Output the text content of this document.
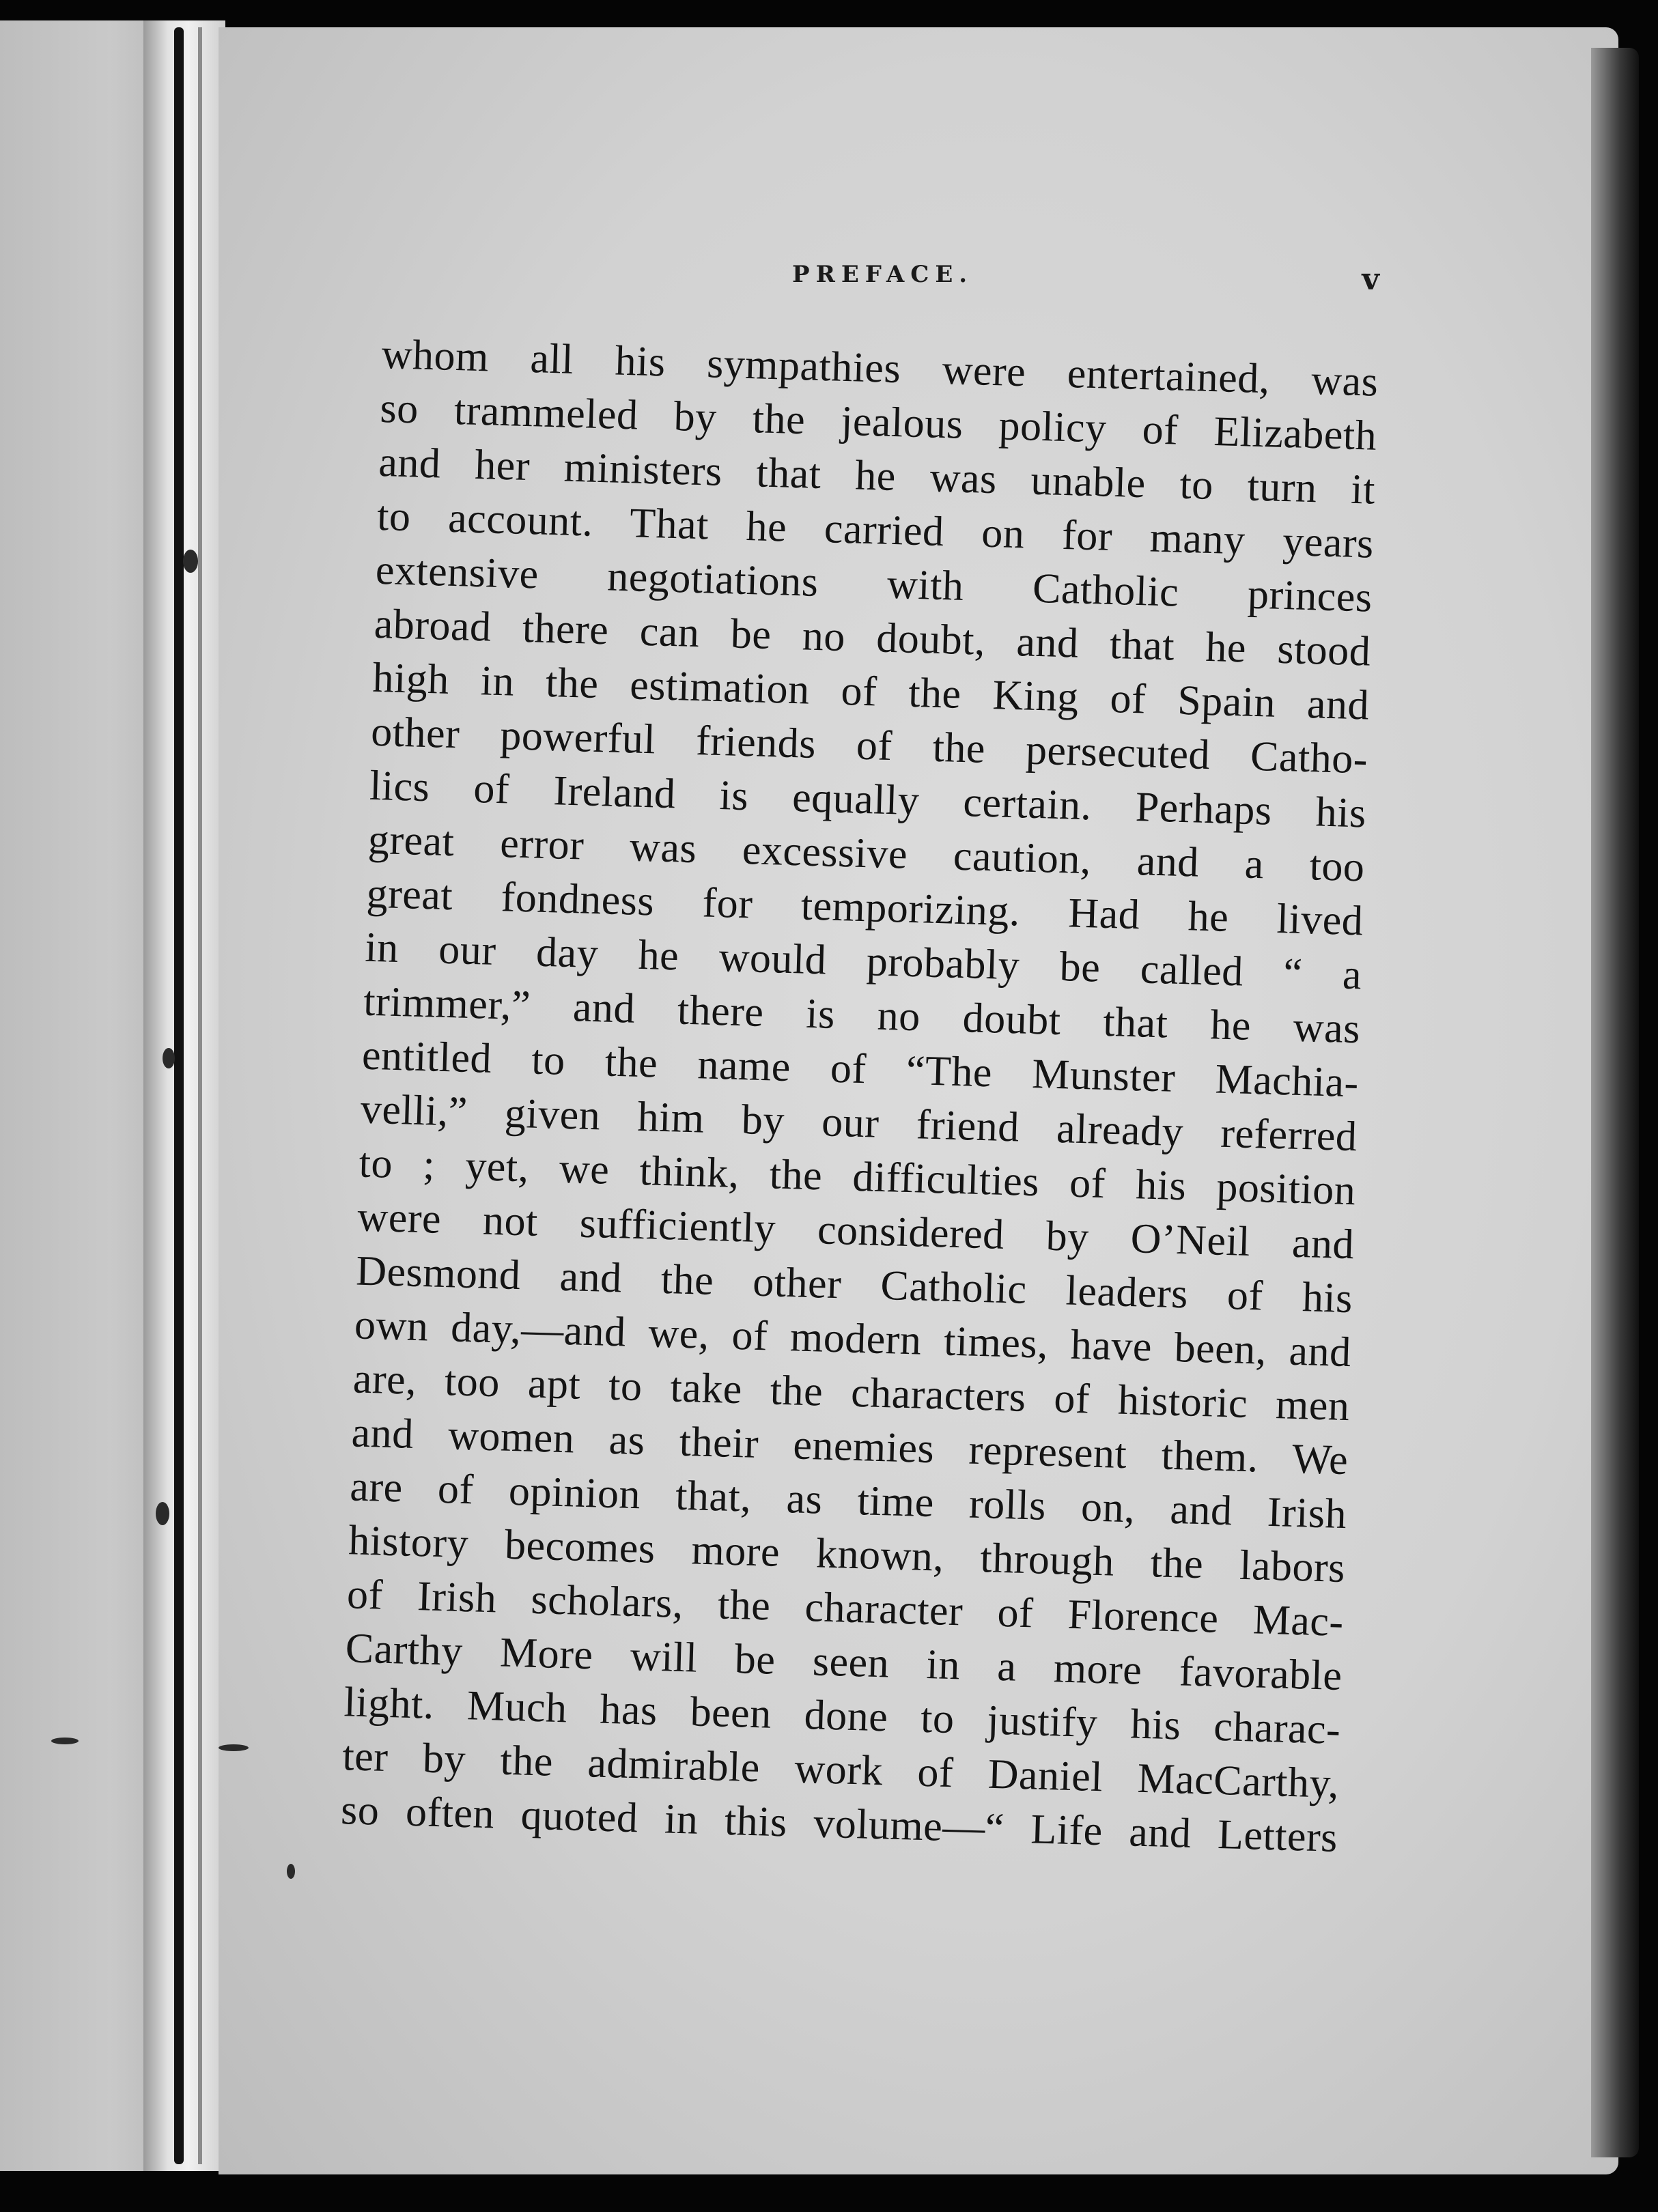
PREFACE.	v
whom all his sympathies were entertained, was
so trammeled by the jealous policy of Elizabeth
and her ministers that he was unable to turn it
to account. That he carried on for many years
extensive negotiations with Catholic princes
abroad there can be no doubt, and that he stood
high in the estimation of the King of Spain and
other powerful friends of the persecuted Catho-
lics of Ireland is equally certain. Perhaps his
great error was excessive caution, and a too
great fondness for temporizing. Had he lived
in our day he would probably be called “ a
trimmer,” and there is no doubt that he was
entitled to the name of “The Munster Machia-
velli,” given him by our friend already referred
to ; yet, we think, the difficulties of his position
were not sufficiently considered by O’Neil and
Desmond and the other Catholic leaders of his
own day,—and we, of modern times, have been, and
are, too apt to take the characters of historic men
and women as their enemies represent them. We
are of opinion that, as time rolls on, and Irish
history becomes more known, through the labors
of Irish scholars, the character of Florence Mac-
Carthy More will be seen in a more favorable
light. Much has been done to justify his charac-
ter by the admirable work of Daniel MacCarthy,
so often quoted in this volume—“ Life and Letters
